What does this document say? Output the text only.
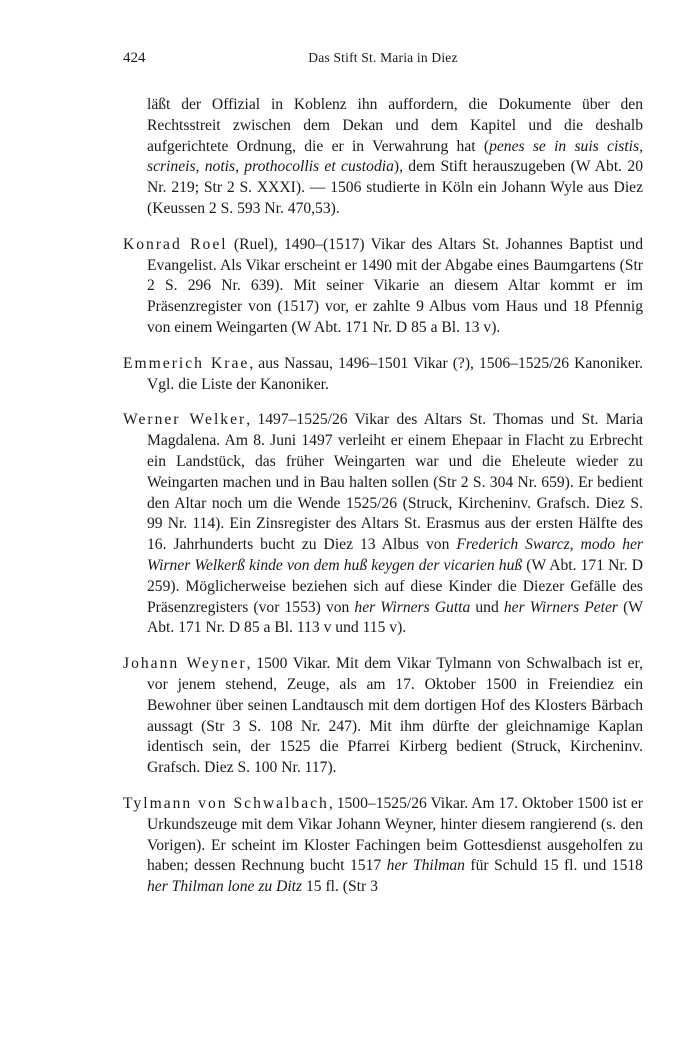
424	Das Stift St. Maria in Diez

läßt der Offizial in Koblenz ihn auffordern, die Dokumente über den Rechtsstreit zwischen dem Dekan und dem Kapitel und die deshalb aufgerichtete Ordnung, die er in Verwahrung hat (penes se in suis cistis, scrineis, notis, prothocollis et custodia), dem Stift herauszugeben (W Abt. 20 Nr. 219; Str 2 S. XXXI). — 1506 studierte in Köln ein Johann Wyle aus Diez (Keussen 2 S. 593 Nr. 470,53).

Konrad Roel (Ruel), 1490–(1517) Vikar des Altars St. Johannes Baptist und Evangelist. Als Vikar erscheint er 1490 mit der Abgabe eines Baumgartens (Str 2 S. 296 Nr. 639). Mit seiner Vikarie an diesem Altar kommt er im Präsenzregister von (1517) vor, er zahlte 9 Albus vom Haus und 18 Pfennig von einem Weingarten (W Abt. 171 Nr. D 85 a Bl. 13 v).

Emmerich Krae, aus Nassau, 1496–1501 Vikar (?), 1506–1525/26 Kanoniker. Vgl. die Liste der Kanoniker.

Werner Welker, 1497–1525/26 Vikar des Altars St. Thomas und St. Maria Magdalena. Am 8. Juni 1497 verleiht er einem Ehepaar in Flacht zu Erbrecht ein Landstück, das früher Weingarten war und die Eheleute wieder zu Weingarten machen und in Bau halten sollen (Str 2 S. 304 Nr. 659). Er bedient den Altar noch um die Wende 1525/26 (Struck, Kircheninv. Grafsch. Diez S. 99 Nr. 114). Ein Zinsregister des Altars St. Erasmus aus der ersten Hälfte des 16. Jahrhunderts bucht zu Diez 13 Albus von Frederich Swarcz, modo her Wirner Welkerß kinde von dem huß keygen der vicarien huß (W Abt. 171 Nr. D 259). Möglicherweise beziehen sich auf diese Kinder die Diezer Gefälle des Präsenzregisters (vor 1553) von her Wirners Gutta und her Wirners Peter (W Abt. 171 Nr. D 85 a Bl. 113 v und 115 v).

Johann Weyner, 1500 Vikar. Mit dem Vikar Tylmann von Schwalbach ist er, vor jenem stehend, Zeuge, als am 17. Oktober 1500 in Freiendiez ein Bewohner über seinen Landtausch mit dem dortigen Hof des Klosters Bärbach aussagt (Str 3 S. 108 Nr. 247). Mit ihm dürfte der gleichnamige Kaplan identisch sein, der 1525 die Pfarrei Kirberg bedient (Struck, Kircheninv. Grafsch. Diez S. 100 Nr. 117).

Tylmann von Schwalbach, 1500–1525/26 Vikar. Am 17. Oktober 1500 ist er Urkundszeuge mit dem Vikar Johann Weyner, hinter diesem rangierend (s. den Vorigen). Er scheint im Kloster Fachingen beim Gottesdienst ausgeholfen zu haben; dessen Rechnung bucht 1517 her Thilman für Schuld 15 fl. und 1518 her Thilman lone zu Ditz 15 fl. (Str 3
